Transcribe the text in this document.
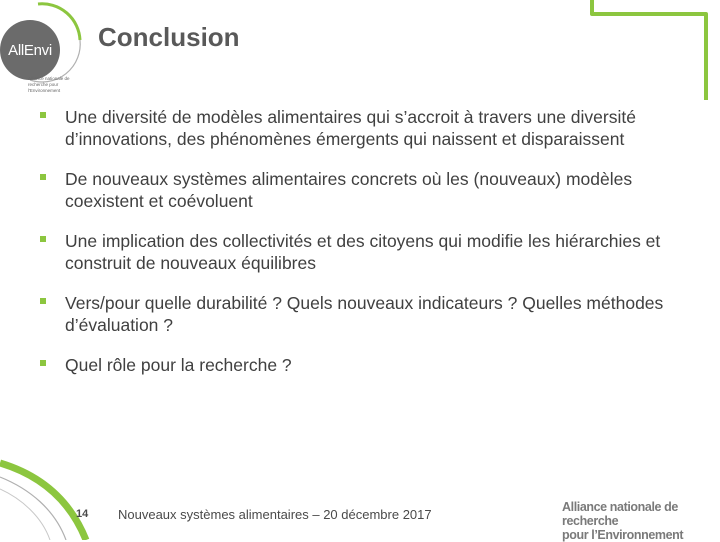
AllEnvi
Alliance nationale de recherche pour l'Environnement
Conclusion
Une diversité de modèles alimentaires qui s’accroit à travers une diversité d’innovations, des phénomènes émergents qui naissent et disparaissent
De nouveaux systèmes alimentaires concrets où les (nouveaux) modèles coexistent et coévoluent
Une implication des collectivités et des citoyens qui modifie les hiérarchies et construit de nouveaux équilibres
Vers/pour quelle durabilité ? Quels nouveaux indicateurs ? Quelles méthodes d’évaluation ?
Quel rôle pour la recherche ?
14 Nouveaux systèmes alimentaires – 20 décembre 2017	Alliance nationale de recherche
pour l’Environnement
